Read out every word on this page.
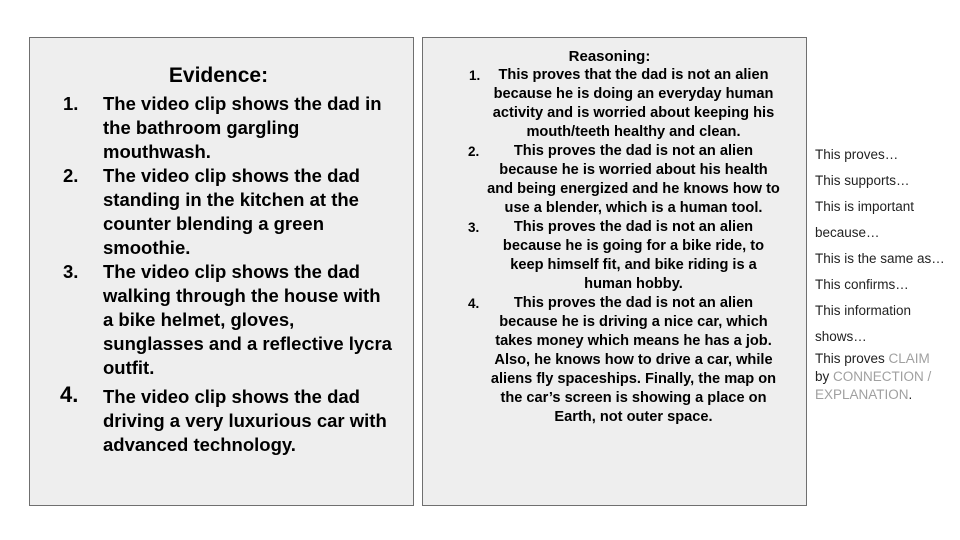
Evidence:
1. The video clip shows the dad in the bathroom gargling mouthwash.
2. The video clip shows the dad standing in the kitchen at the counter blending a green smoothie.
3. The video clip shows the dad walking through the house with a bike helmet, gloves, sunglasses and a reflective lycra outfit.
4. The video clip shows the dad driving a very luxurious car with advanced technology.
Reasoning:
1. This proves that the dad is not an alien because he is doing an everyday human activity and is worried about keeping his mouth/teeth healthy and clean.
2. This proves the dad is not an alien because he is worried about his health and being energized and he knows how to use a blender, which is a human tool.
3. This proves the dad is not an alien because he is going for a bike ride, to keep himself fit, and bike riding is a human hobby.
4. This proves the dad is not an alien because he is driving a nice car, which takes money which means he has a job. Also, he knows how to drive a car, while aliens fly spaceships. Finally, the map on the car’s screen is showing a place on Earth, not outer space.
This proves…
This supports…
This is important
because…
This is the same as…
This confirms…
This information
shows…
This proves CLAIM
by CONNECTION / EXPLANATION.
